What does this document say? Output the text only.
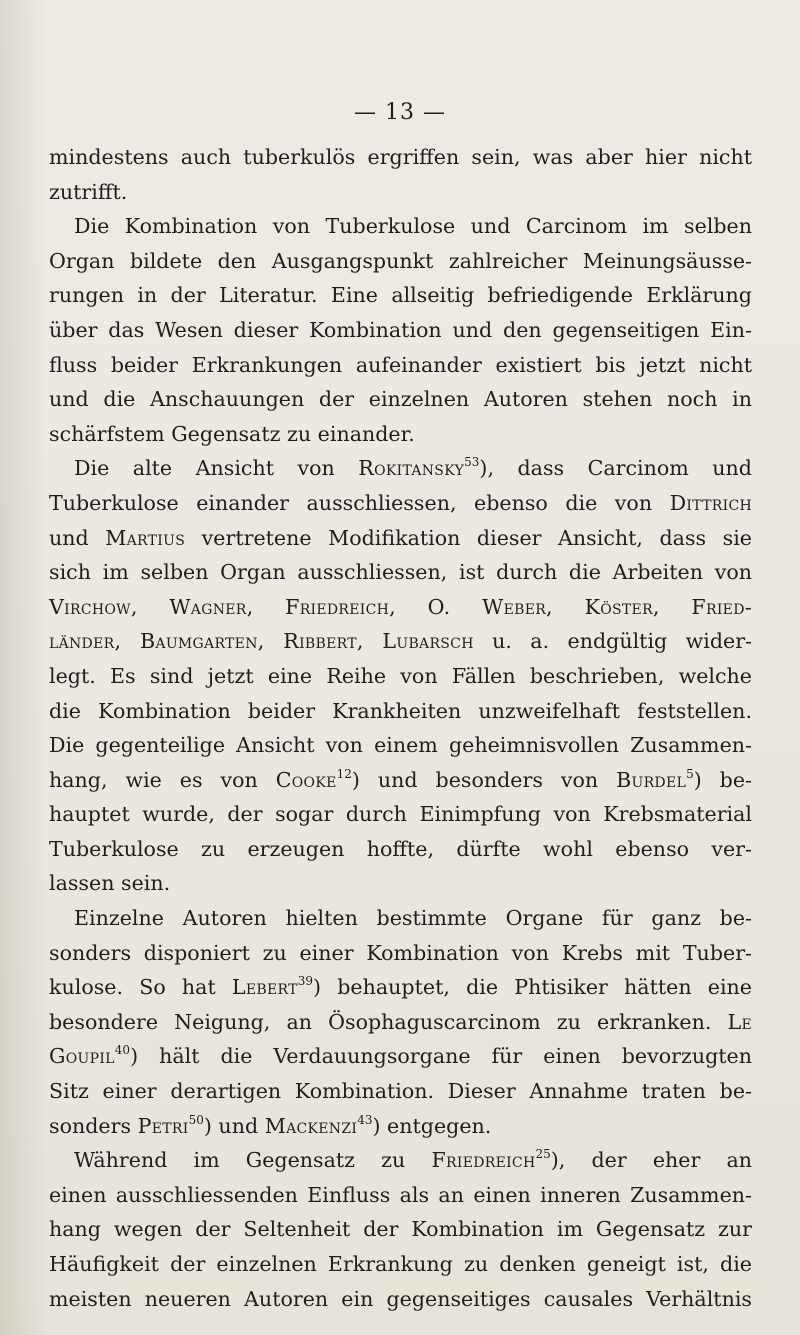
— 13 —
mindestens auch tuberkulös ergriffen sein, was aber hier nicht
zutrifft.
Die Kombination von Tuberkulose und Carcinom im selben
Organ bildete den Ausgangspunkt zahlreicher Meinungsäusse-
rungen in der Literatur. Eine allseitig befriedigende Erklärung
über das Wesen dieser Kombination und den gegenseitigen Ein-
fluss beider Erkrankungen aufeinander existiert bis jetzt nicht
und die Anschauungen der einzelnen Autoren stehen noch in
schärfstem Gegensatz zu einander.
Die alte Ansicht von Rokitansky$^{53}$), dass Carcinom und
Tuberkulose einander ausschliessen, ebenso die von Dittrich
und Martius vertretene Modifikation dieser Ansicht, dass sie
sich im selben Organ ausschliessen, ist durch die Arbeiten von
Virchow, Wagner, Friedreich, O. Weber, Köster, Fried-
länder, Baumgarten, Ribbert, Lubarsch u. a. endgültig wider-
legt. Es sind jetzt eine Reihe von Fällen beschrieben, welche
die Kombination beider Krankheiten unzweifelhaft feststellen.
Die gegenteilige Ansicht von einem geheimnisvollen Zusammen-
hang, wie es von Cooke$^{12}$) und besonders von Burdel$^5$) be-
hauptet wurde, der sogar durch Einimpfung von Krebsmaterial
Tuberkulose zu erzeugen hoffte, dürfte wohl ebenso ver-
lassen sein.
Einzelne Autoren hielten bestimmte Organe für ganz be-
sonders disponiert zu einer Kombination von Krebs mit Tuber-
kulose. So hat Lebert$^{39}$) behauptet, die Phtisiker hätten eine
besondere Neigung, an Ösophaguscarcinom zu erkranken. Le
Goupil$^{40}$) hält die Verdauungsorgane für einen bevorzugten
Sitz einer derartigen Kombination. Dieser Annahme traten be-
sonders Petri$^{50}$) und Mackenzi$^{43}$) entgegen.
Während im Gegensatz zu Friedreich$^{25}$), der eher an
einen ausschliessenden Einfluss als an einen inneren Zusammen-
hang wegen der Seltenheit der Kombination im Gegensatz zur
Häufigkeit der einzelnen Erkrankung zu denken geneigt ist, die
meisten neueren Autoren ein gegenseitiges causales Verhältnis
